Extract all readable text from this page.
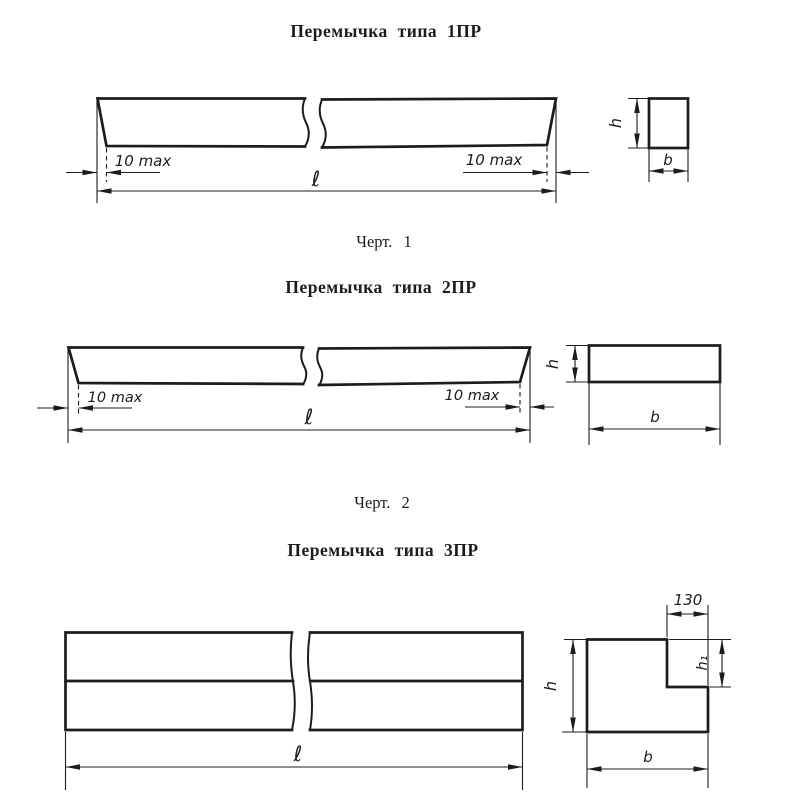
Перемычка типа 1ПР
10 max	10 max
ℓ
h
b
Черт. 1
Перемычка типа 2ПР
10 max	10 max
ℓ
h
b
Черт. 2
Перемычка типа 3ПР
ℓ
130
h₁
h
b
